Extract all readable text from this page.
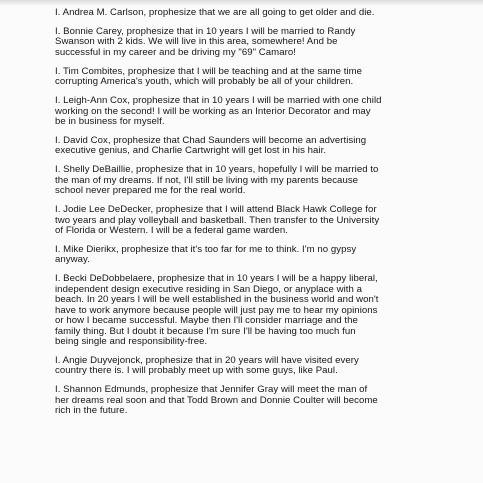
I. Andrea M. Carlson, prophesize that we are all going to get older and die.
I. Bonnie Carey, prophesize that in 10 years I will be married to Randy
Swanson with 2 kids. We will live in this area, somewhere! And be
successful in my career and be driving my "69" Camaro!
I. Tim Combites, prophesize that I will be teaching and at the same time
corrupting America's youth, which will probably be all of your children.
I. Leigh-Ann Cox, prophesize that in 10 years I will be married with one child
working on the second! I will be working as an Interior Decorator and may
be in business for myself.
I. David Cox, prophesize that Chad Saunders will become an advertising
executive genius, and Charlie Cartwright will get lost in his hair.
I. Shelly DeBaillie, prophesize that in 10 years, hopefully I will be married to
the man of my dreams. If not, I'll still be living with my parents because
school never prepared me for the real world.
I. Jodie Lee DeDecker, prophesize that I will attend Black Hawk College for
two years and play volleyball and basketball. Then transfer to the University
of Florida or Western. I will be a federal game warden.
I. Mike Dierikx, prophesize that it's too far for me to think. I'm no gypsy
anyway.
I. Becki DeDobbelaere, prophesize that in 10 years I will be a happy liberal,
independent design executive residing in San Diego, or anyplace with a
beach. In 20 years I will be well established in the business world and won't
have to work anymore because people will just pay me to hear my opinions
or how I became successful. Maybe then I'll consider marriage and the
family thing. But I doubt it because I'm sure I'll be having too much fun
being single and responsibility-free.
I. Angie Duyvejonck, prophesize that in 20 years will have visited every
country there is. I will probably meet up with some guys, like Paul.
I. Shannon Edmunds, prophesize that Jennifer Gray will meet the man of
her dreams real soon and that Todd Brown and Donnie Coulter will become
rich in the future.
